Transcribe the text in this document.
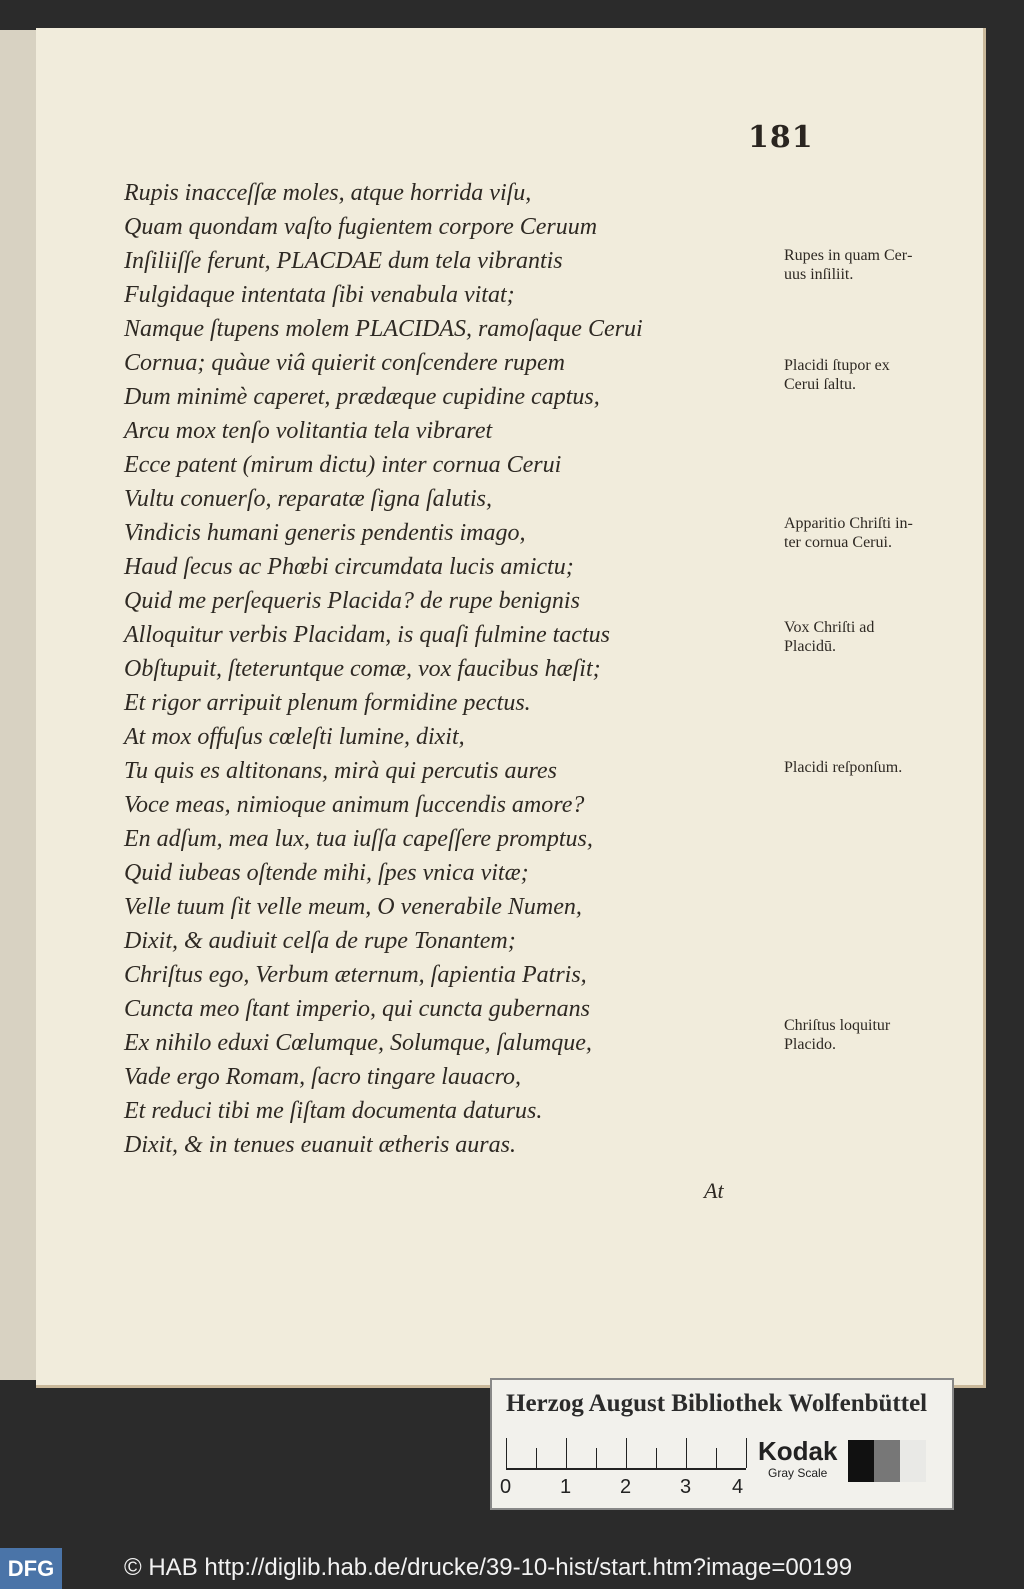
181
Rupis inacceſſæ moles, atque horrida viſu,
Quam quondam vaſto fugientem corpore Ceruum
Inſiliiſſe ferunt, PLACDAE dum tela vibrantis
Fulgidaque intentata ſibi venabula vitat;
Namque ſtupens molem PLACIDAS, ramoſaque Cerui
Cornua; quàue viâ quierit conſcendere rupem
Dum minimè caperet, prædæque cupidine captus,
Arcu mox tenſo volitantia tela vibraret
Ecce patent (mirum dictu) inter cornua Cerui
Vultu conuerſo, reparatæ ſigna ſalutis,
Vindicis humani generis pendentis imago,
Haud ſecus ac Phœbi circumdata lucis amictu;
Quid me perſequeris Placida? de rupe benignis
Alloquitur verbis Placidam, is quaſi fulmine tactus
Obſtupuit, ſteteruntque comæ, vox faucibus hæſit;
Et rigor arripuit plenum formidine pectus.
At mox offuſus cœleſti lumine, dixit,
Tu quis es altitonans, mirà qui percutis aures
Voce meas, nimioque animum ſuccendis amore?
En adſum, mea lux, tua iuſſa capeſſere promptus,
Quid iubeas oſtende mihi, ſpes vnica vitæ;
Velle tuum ſit velle meum, O venerabile Numen,
Dixit, & audiuit celſa de rupe Tonantem;
Chriſtus ego, Verbum æternum, ſapientia Patris,
Cuncta meo ſtant imperio, qui cuncta gubernans
Ex nihilo eduxi Cœlumque, Solumque, ſalumque,
Vade ergo Romam, ſacro tingare lauacro,
Et reduci tibi me ſiſtam documenta daturus.
Dixit, & in tenues euanuit ætheris auras.
Rupes in quam Ceruus inſiliit.
Placidi ſtupor ex Cerui ſaltu.
Apparitio Chriſti inter cornua Cerui.
Vox Chriſti ad Placidū.
Placidi reſponſum.
Chriſtus loquitur Placido.
At
Herzog August Bibliothek Wolfenbüttel
0 1 2 3 4
Kodak
Gray Scale
DFG	© HAB http://diglib.hab.de/drucke/39-10-hist/start.htm?image=00199
